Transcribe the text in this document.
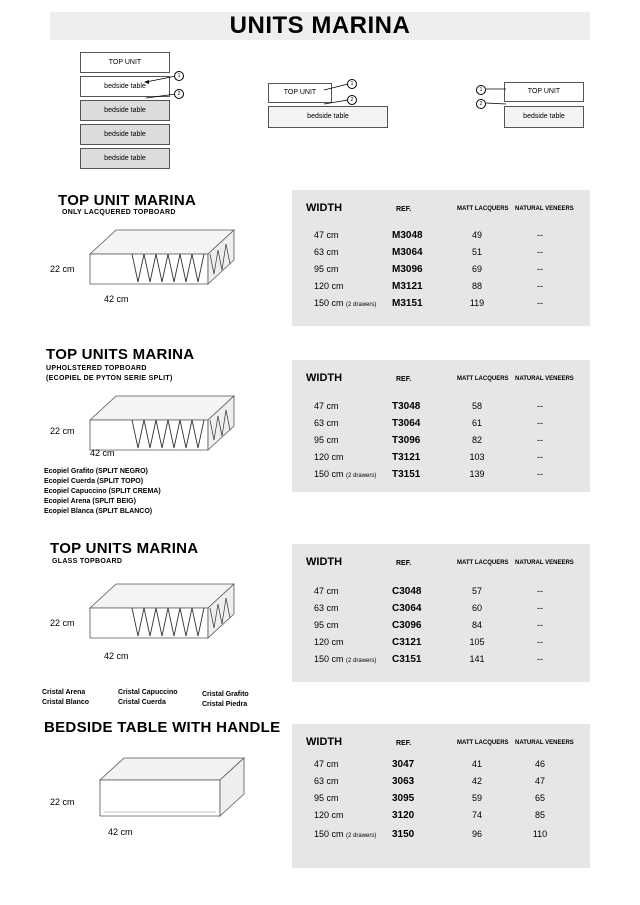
UNITS MARINA
TOP UNIT
bedside table
bedside table
bedside table
bedside table
1
2	TOP UNIT
bedside table
1
2
TOP UNIT
bedside table
1
2
TOP UNIT MARINA
ONLY LACQUERED TOPBOARD
22 cm
42 cm
WIDTH	REF.	MATT LACQUERS NATURAL VENEERS
47 cm	M3048	49	--
63 cm	M3064	51	--
95 cm	M3096	69	--
120 cm	M3121	88	--
150 cm (2 drawers) M3151	119	--
TOP UNITS MARINA
UPHOLSTERED TOPBOARD
(ECOPIEL DE PYTON SERIE SPLIT)
22 cm
42 cm
Ecopiel Grafito (SPLIT NEGRO)
Ecopiel Cuerda (SPLIT TOPO)
Ecopiel Capuccino (SPLIT CREMA)
Ecopiel Arena (SPLIT BEIG)
Ecopiel Blanca (SPLIT BLANCO)
WIDTH	REF.	MATT LACQUERS NATURAL VENEERS
47 cm	T3048	58	--
63 cm	T3064	61	--
95 cm	T3096	82	--
120 cm	T3121	103	--
150 cm (2 drawers) T3151	139	--
TOP UNITS MARINA
GLASS TOPBOARD
22 cm
42 cm
Cristal Arena
Cristal Blanco
Cristal Capuccino
Cristal Cuerda
Cristal Grafito
Cristal Piedra
WIDTH	REF.	MATT LACQUERS NATURAL VENEERS
47 cm	C3048	57	--
63 cm	C3064	60	--
95 cm	C3096	84	--
120 cm	C3121	105	--
150 cm (2 drawers) C3151	141	--
BEDSIDE TABLE WITH HANDLE
22 cm
42 cm
WIDTH	REF.	MATT LACQUERS NATURAL VENEERS
47 cm	3047	41	46
63 cm	3063	42	47
95 cm	3095	59	65
120 cm	3120	74	85
150 cm (2 drawers) 3150	96	110
